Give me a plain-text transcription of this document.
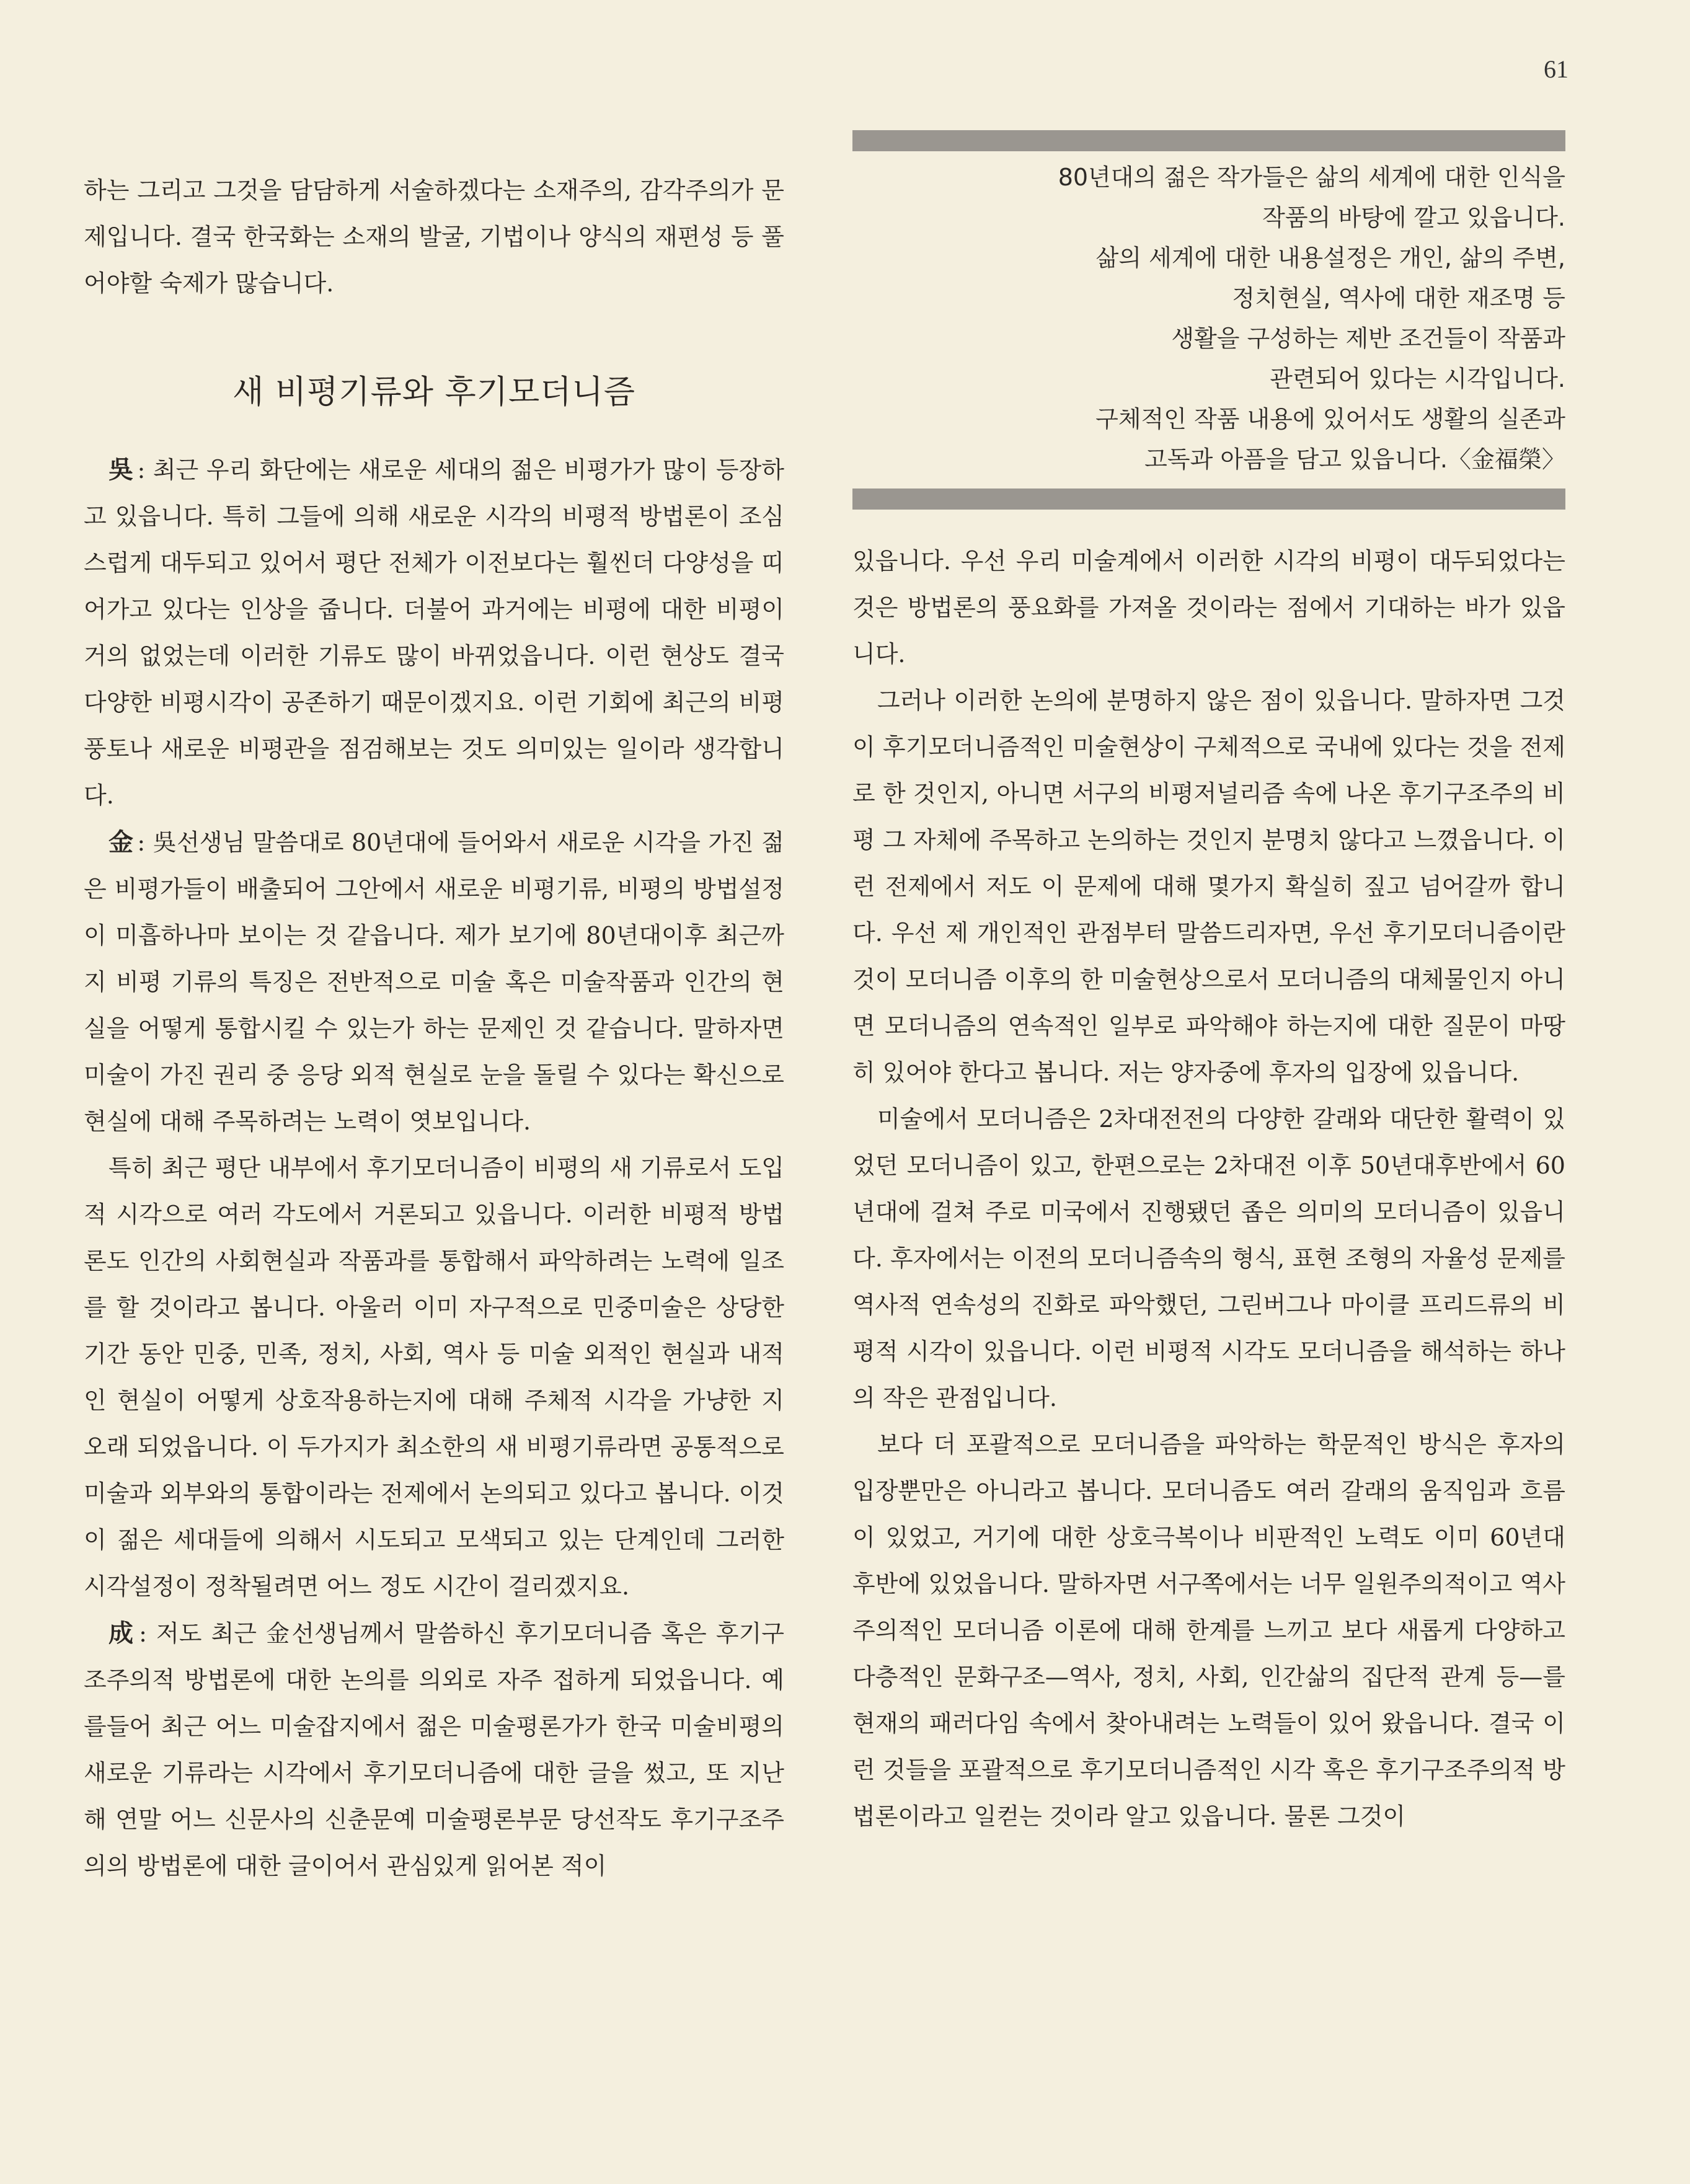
61

하는 그리고 그것을 담담하게 서술하겠다는 소재주의, 감각주의가 문제입니다. 결국 한국화는 소재의 발굴, 기법이나 양식의 재편성 등 풀어야할 숙제가 많습니다.

새 비평기류와 후기모더니즘

吳 : 최근 우리 화단에는 새로운 세대의 젊은 비평가가 많이 등장하고 있읍니다. 특히 그들에 의해 새로운 시각의 비평적 방법론이 조심스럽게 대두되고 있어서 평단 전체가 이전보다는 훨씬더 다양성을 띠어가고 있다는 인상을 줍니다. 더불어 과거에는 비평에 대한 비평이 거의 없었는데 이러한 기류도 많이 바뀌었읍니다. 이런 현상도 결국 다양한 비평시각이 공존하기 때문이겠지요. 이런 기회에 최근의 비평풍토나 새로운 비평관을 점검해보는 것도 의미있는 일이라 생각합니다.

金 : 吳선생님 말씀대로 80년대에 들어와서 새로운 시각을 가진 젊은 비평가들이 배출되어 그안에서 새로운 비평기류, 비평의 방법설정이 미흡하나마 보이는 것 같읍니다. 제가 보기에 80년대이후 최근까지 비평 기류의 특징은 전반적으로 미술 혹은 미술작품과 인간의 현실을 어떻게 통합시킬 수 있는가 하는 문제인 것 같습니다. 말하자면 미술이 가진 권리 중 응당 외적 현실로 눈을 돌릴 수 있다는 확신으로 현실에 대해 주목하려는 노력이 엿보입니다.

특히 최근 평단 내부에서 후기모더니즘이 비평의 새 기류로서 도입적 시각으로 여러 각도에서 거론되고 있읍니다. 이러한 비평적 방법론도 인간의 사회현실과 작품과를 통합해서 파악하려는 노력에 일조를 할 것이라고 봅니다. 아울러 이미 자구적으로 민중미술은 상당한 기간 동안 민중, 민족, 정치, 사회, 역사 등 미술 외적인 현실과 내적인 현실이 어떻게 상호작용하는지에 대해 주체적 시각을 가냥한 지 오래 되었읍니다. 이 두가지가 최소한의 새 비평기류라면 공통적으로 미술과 외부와의 통합이라는 전제에서 논의되고 있다고 봅니다. 이것이 젊은 세대들에 의해서 시도되고 모색되고 있는 단계인데 그러한 시각설정이 정착될려면 어느 정도 시간이 걸리겠지요.

成 : 저도 최근 金선생님께서 말씀하신 후기모더니즘 혹은 후기구조주의적 방법론에 대한 논의를 의외로 자주 접하게 되었읍니다. 예를들어 최근 어느 미술잡지에서 젊은 미술평론가가 한국 미술비평의 새로운 기류라는 시각에서 후기모더니즘에 대한 글을 썼고, 또 지난해 연말 어느 신문사의 신춘문예 미술평론부문 당선작도 후기구조주의의 방법론에 대한 글이어서 관심있게 읽어본 적이

80년대의 젊은 작가들은 삶의 세계에 대한 인식을
작품의 바탕에 깔고 있읍니다.
삶의 세계에 대한 내용설정은 개인, 삶의 주변,
정치현실, 역사에 대한 재조명 등
생활을 구성하는 제반 조건들이 작품과
관련되어 있다는 시각입니다.
구체적인 작품 내용에 있어서도 생활의 실존과
고독과 아픔을 담고 있읍니다.〈金福榮〉

있읍니다. 우선 우리 미술계에서 이러한 시각의 비평이 대두되었다는 것은 방법론의 풍요화를 가져올 것이라는 점에서 기대하는 바가 있읍니다.

그러나 이러한 논의에 분명하지 않은 점이 있읍니다. 말하자면 그것이 후기모더니즘적인 미술현상이 구체적으로 국내에 있다는 것을 전제로 한 것인지, 아니면 서구의 비평저널리즘 속에 나온 후기구조주의 비평 그 자체에 주목하고 논의하는 것인지 분명치 않다고 느꼈읍니다. 이런 전제에서 저도 이 문제에 대해 몇가지 확실히 짚고 넘어갈까 합니다. 우선 제 개인적인 관점부터 말씀드리자면, 우선 후기모더니즘이란 것이 모더니즘 이후의 한 미술현상으로서 모더니즘의 대체물인지 아니면 모더니즘의 연속적인 일부로 파악해야 하는지에 대한 질문이 마땅히 있어야 한다고 봅니다. 저는 양자중에 후자의 입장에 있읍니다.

미술에서 모더니즘은 2차대전전의 다양한 갈래와 대단한 활력이 있었던 모더니즘이 있고, 한편으로는 2차대전 이후 50년대후반에서 60년대에 걸쳐 주로 미국에서 진행됐던 좁은 의미의 모더니즘이 있읍니다. 후자에서는 이전의 모더니즘속의 형식, 표현 조형의 자율성 문제를 역사적 연속성의 진화로 파악했던, 그린버그나 마이클 프리드류의 비평적 시각이 있읍니다. 이런 비평적 시각도 모더니즘을 해석하는 하나의 작은 관점입니다.

보다 더 포괄적으로 모더니즘을 파악하는 학문적인 방식은 후자의 입장뿐만은 아니라고 봅니다. 모더니즘도 여러 갈래의 움직임과 흐름이 있었고, 거기에 대한 상호극복이나 비판적인 노력도 이미 60년대 후반에 있었읍니다. 말하자면 서구쪽에서는 너무 일원주의적이고 역사주의적인 모더니즘 이론에 대해 한계를 느끼고 보다 새롭게 다양하고 다층적인 문화구조—역사, 정치, 사회, 인간삶의 집단적 관계 등—를 현재의 패러다임 속에서 찾아내려는 노력들이 있어 왔읍니다. 결국 이런 것들을 포괄적으로 후기모더니즘적인 시각 혹은 후기구조주의적 방법론이라고 일컫는 것이라 알고 있읍니다. 물론 그것이
